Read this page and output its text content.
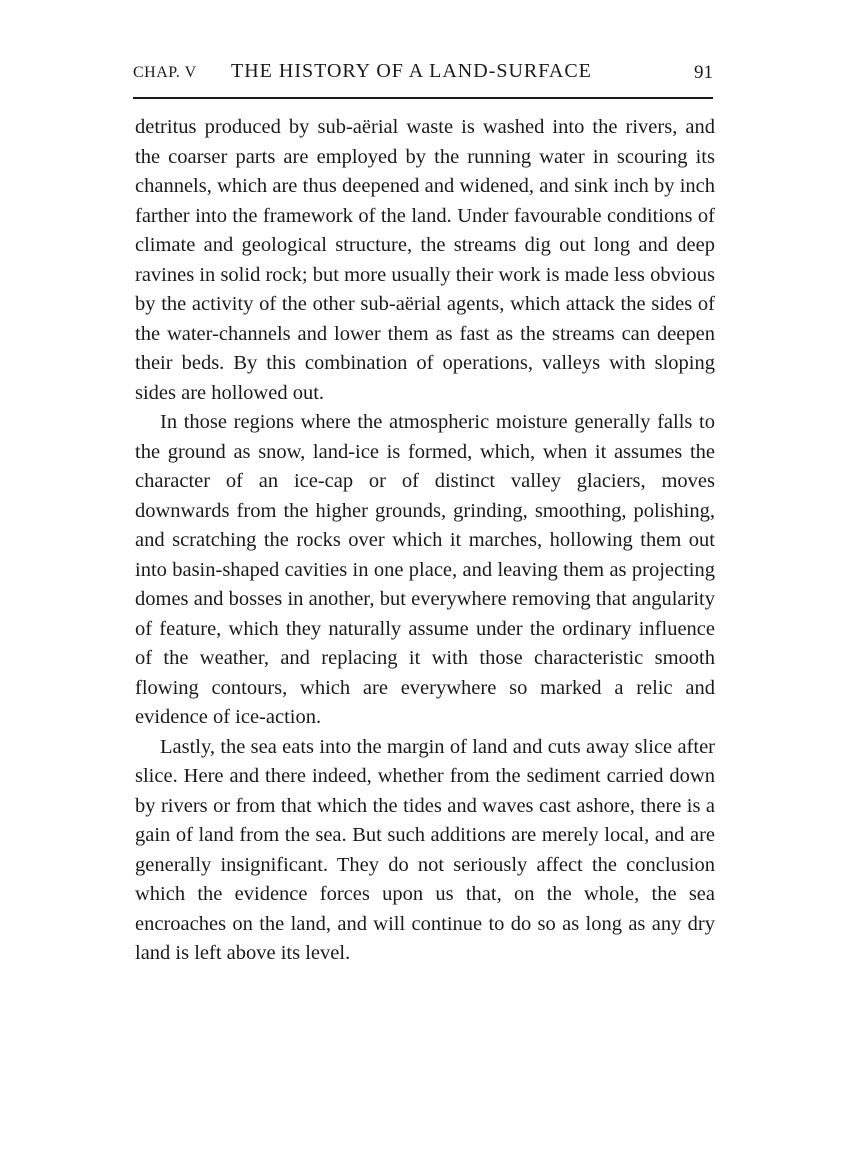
CHAP. V THE HISTORY OF A LAND-SURFACE	91

detritus produced by sub-aërial waste is washed into the rivers, and the coarser parts are employed by the running water in scouring its channels, which are thus deepened and widened, and sink inch by inch farther into the framework of the land. Under favourable conditions of climate and geological structure, the streams dig out long and deep ravines in solid rock; but more usually their work is made less obvious by the activity of the other sub-aërial agents, which attack the sides of the water-channels and lower them as fast as the streams can deepen their beds. By this combination of operations, valleys with sloping sides are hollowed out.

In those regions where the atmospheric moisture generally falls to the ground as snow, land-ice is formed, which, when it assumes the character of an ice-cap or of distinct valley glaciers, moves downwards from the higher grounds, grinding, smoothing, polishing, and scratching the rocks over which it marches, hollowing them out into basin-shaped cavities in one place, and leaving them as projecting domes and bosses in another, but everywhere removing that angularity of feature, which they naturally assume under the ordinary influence of the weather, and replacing it with those characteristic smooth flowing contours, which are everywhere so marked a relic and evidence of ice-action.

Lastly, the sea eats into the margin of land and cuts away slice after slice. Here and there indeed, whether from the sediment carried down by rivers or from that which the tides and waves cast ashore, there is a gain of land from the sea. But such additions are merely local, and are generally insignificant. They do not seriously affect the conclusion which the evidence forces upon us that, on the whole, the sea encroaches on the land, and will continue to do so as long as any dry land is left above its level.
